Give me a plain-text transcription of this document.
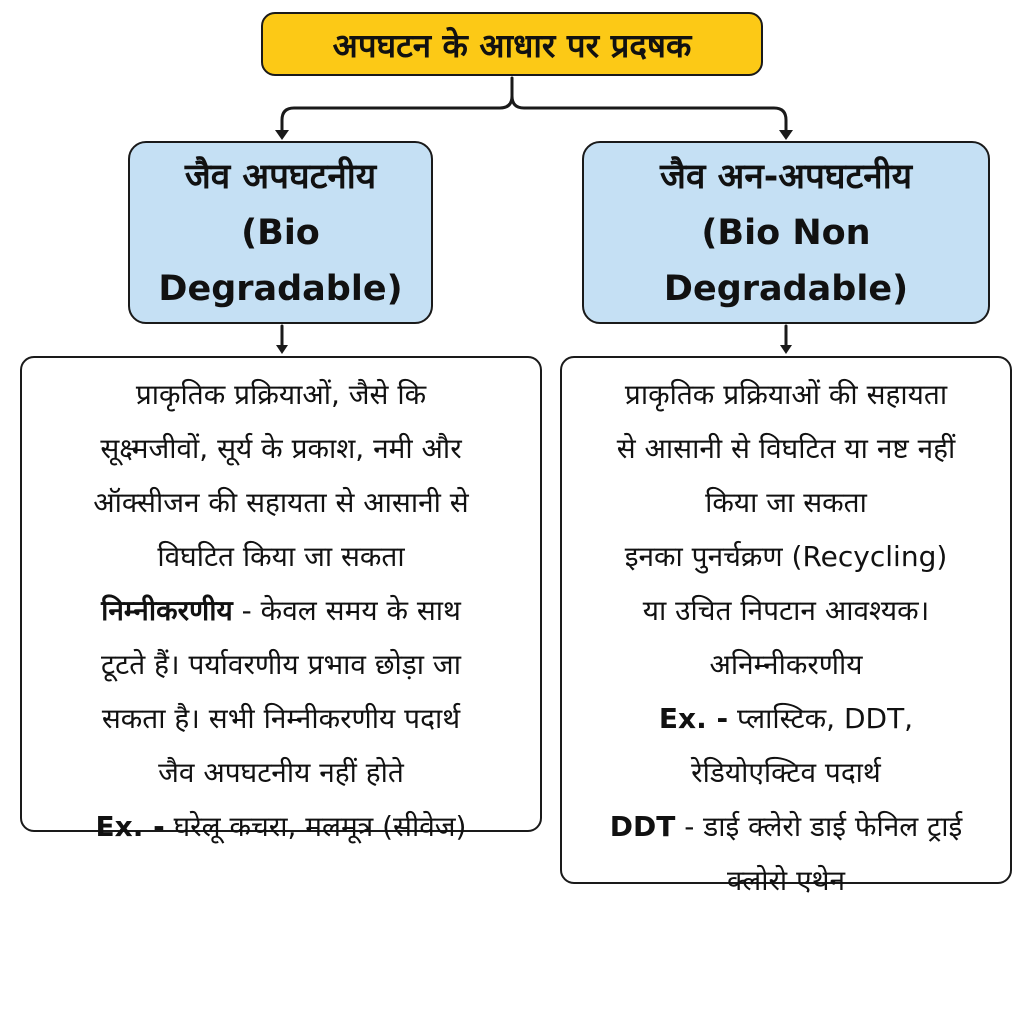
अपघटन के आधार पर प्रदषक
जैव अपघटनीय
(Bio
Degradable)
जैव अन-अपघटनीय
(Bio Non
Degradable)
प्राकृतिक प्रक्रियाओं, जैसे कि
सूक्ष्मजीवों, सूर्य के प्रकाश, नमी और
ऑक्सीजन की सहायता से आसानी से
विघटित किया जा सकता
निम्नीकरणीय - केवल समय के साथ
टूटते हैं। पर्यावरणीय प्रभाव छोड़ा जा
सकता है। सभी निम्नीकरणीय पदार्थ
जैव अपघटनीय नहीं होते
Ex. - घरेलू कचरा, मलमूत्र (सीवेज)
प्राकृतिक प्रक्रियाओं की सहायता
से आसानी से विघटित या नष्ट नहीं
किया जा सकता
इनका पुनर्चक्रण (Recycling)
या उचित निपटान आवश्यक।
अनिम्नीकरणीय
Ex. - प्लास्टिक, DDT,
रेडियोएक्टिव पदार्थ
DDT - डाई क्लेरो डाई फेनिल ट्राई
क्लोरो एथेन
